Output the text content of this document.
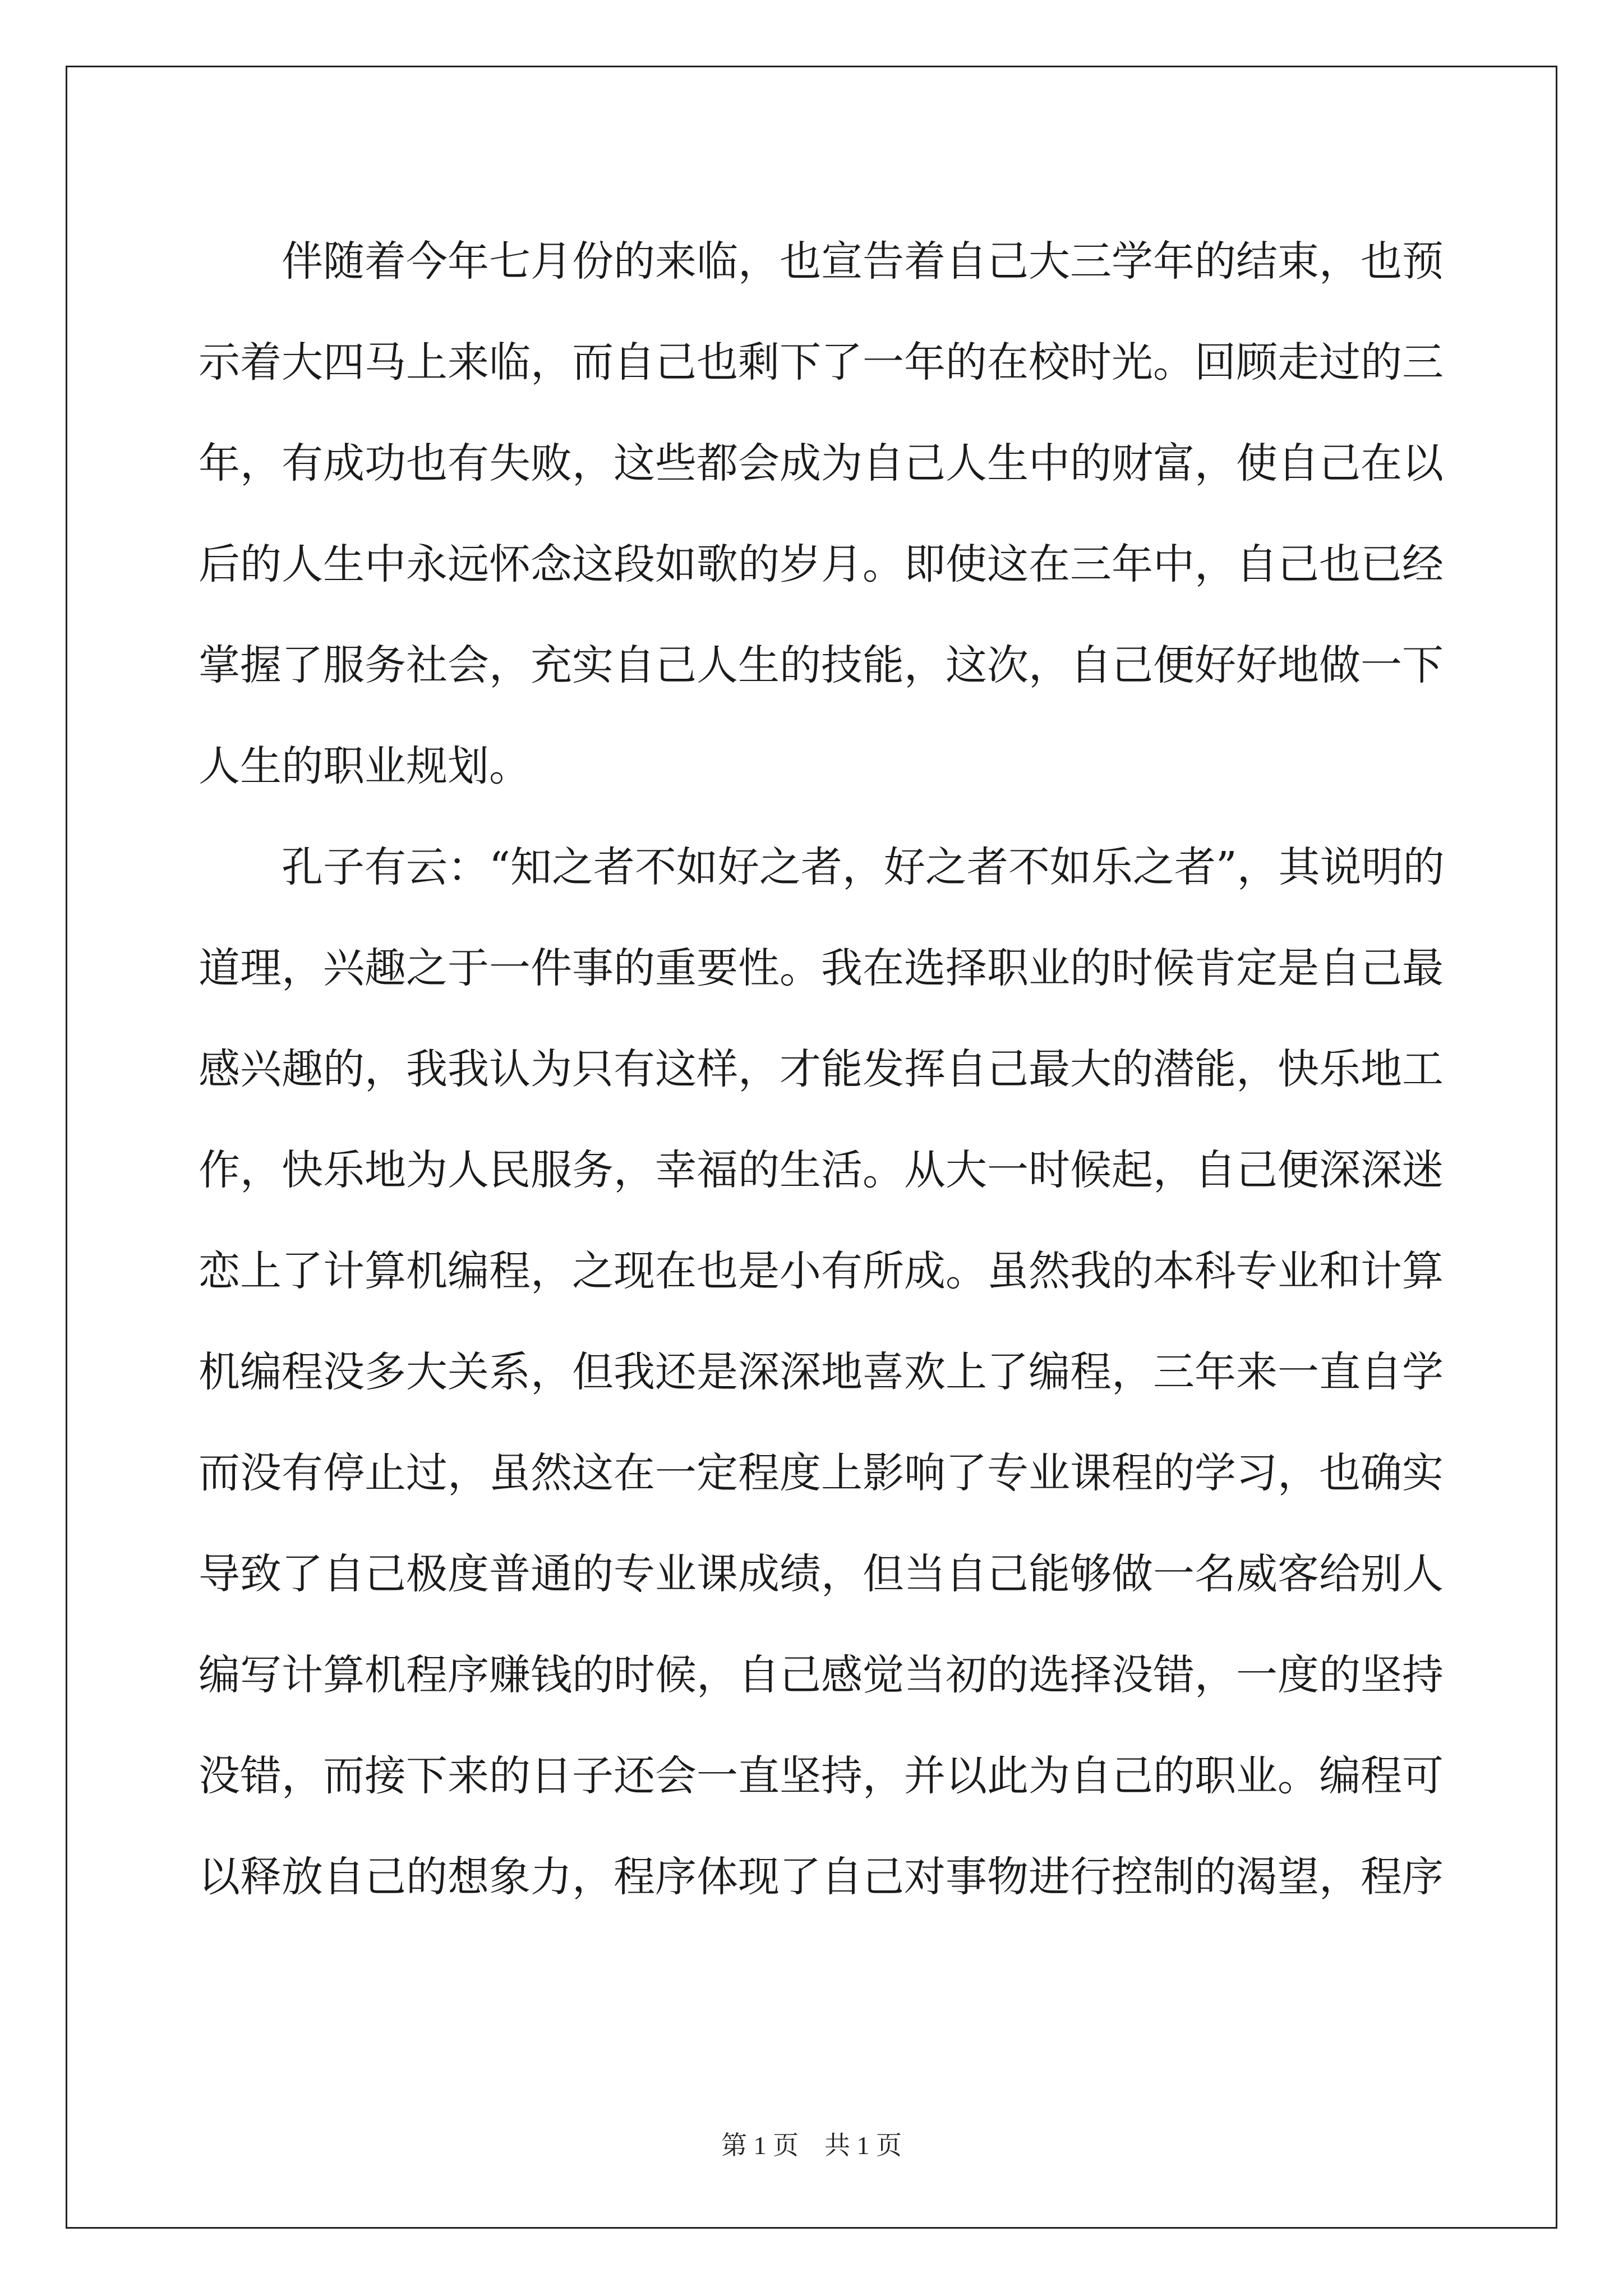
　　伴随着今年七月份的来临，也宣告着自己大三学年的结束，也预
示着大四马上来临，而自己也剩下了一年的在校时光。回顾走过的三
年，有成功也有失败，这些都会成为自己人生中的财富，使自己在以
后的人生中永远怀念这段如歌的岁月。即使这在三年中，自己也已经
掌握了服务社会，充实自己人生的技能，这次，自己便好好地做一下
人生的职业规划。
　　孔子有云：“知之者不如好之者，好之者不如乐之者”，其说明的
道理，兴趣之于一件事的重要性。我在选择职业的时候肯定是自己最
感兴趣的，我我认为只有这样，才能发挥自己最大的潜能，快乐地工
作，快乐地为人民服务，幸福的生活。从大一时候起，自己便深深迷
恋上了计算机编程，之现在也是小有所成。虽然我的本科专业和计算
机编程没多大关系，但我还是深深地喜欢上了编程，三年来一直自学
而没有停止过，虽然这在一定程度上影响了专业课程的学习，也确实
导致了自己极度普通的专业课成绩，但当自己能够做一名威客给别人
编写计算机程序赚钱的时候，自己感觉当初的选择没错，一度的坚持
没错，而接下来的日子还会一直坚持，并以此为自己的职业。编程可
以释放自己的想象力，程序体现了自己对事物进行控制的渴望，程序
第 1 页　共 1 页
